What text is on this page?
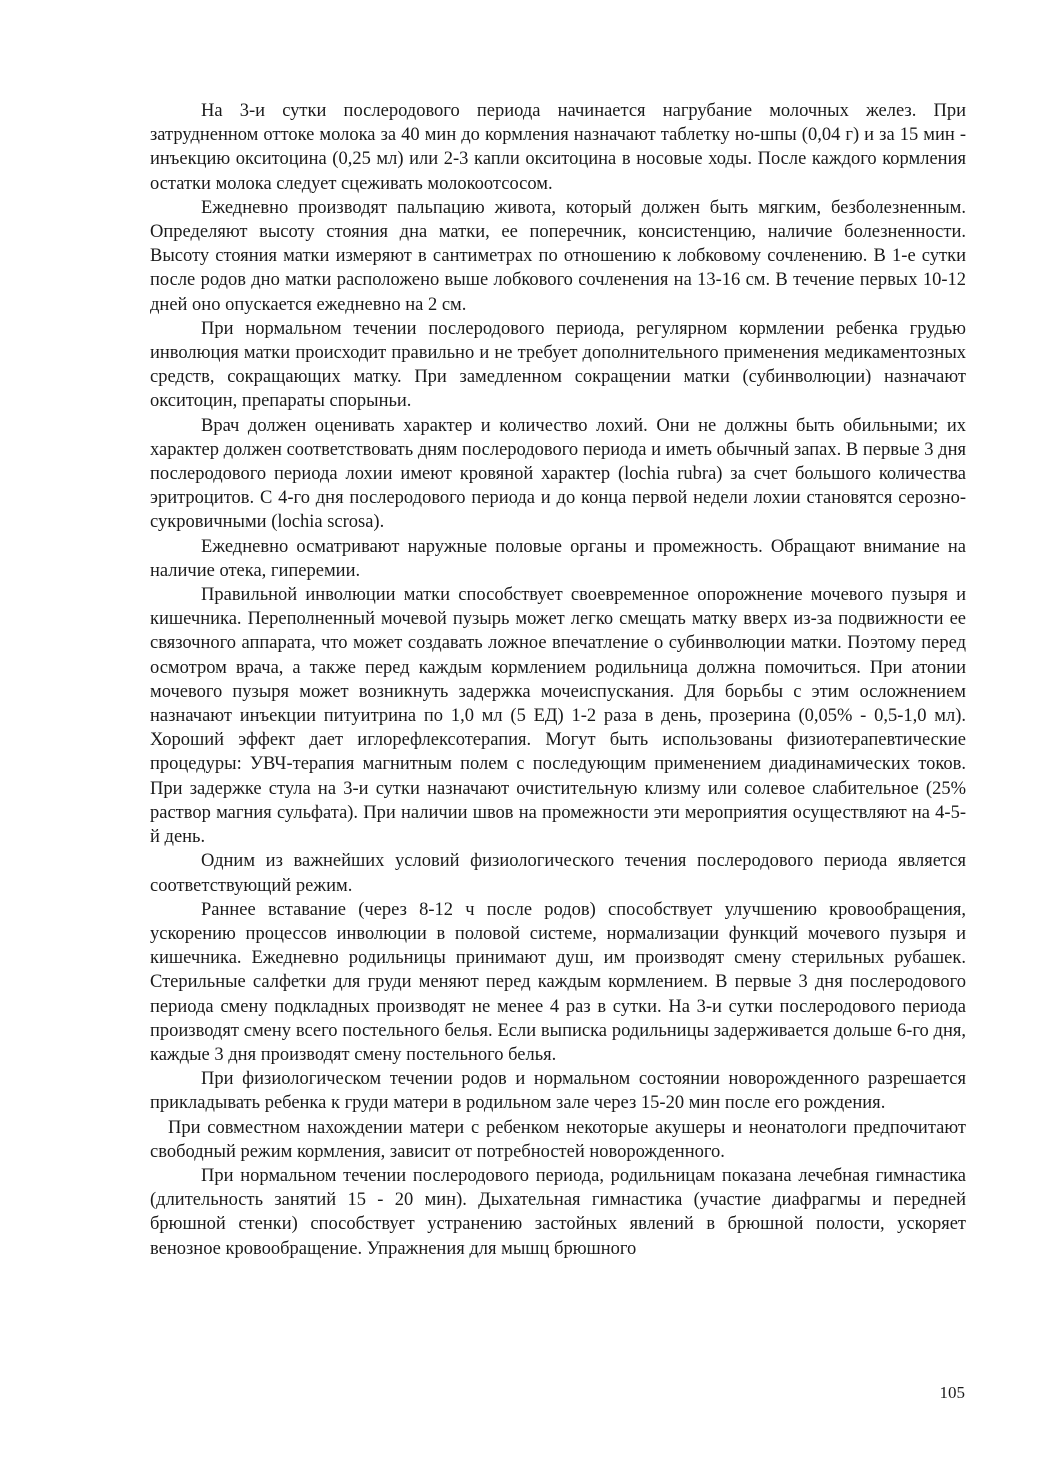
На 3-и сутки послеродового периода начинается нагрубание молочных желез. При затрудненном оттоке молока за 40 мин до кормления назначают таблетку но-шпы (0,04 г) и за 15 мин - инъекцию окситоцина (0,25 мл) или 2-3 капли окситоцина в носовые ходы. После каждого кормления остатки молока следует сцеживать молокоотсосом.

Ежедневно производят пальпацию живота, который должен быть мягким, безболезненным. Определяют высоту стояния дна матки, ее поперечник, консистенцию, наличие болезненности. Высоту стояния матки измеряют в сантиметрах по отношению к лобковому сочленению. В 1-е сутки после родов дно матки расположено выше лобкового сочленения на 13-16 см. В течение первых 10-12 дней оно опускается ежедневно на 2 см.

При нормальном течении послеродового периода, регулярном кормлении ребенка грудью инволюция матки происходит правильно и не требует дополнительного применения медикаментозных средств, сокращающих матку. При замедленном сокращении матки (субинволюции) назначают окситоцин, препараты спорыньи.

Врач должен оценивать характер и количество лохий. Они не должны быть обильными; их характер должен соответствовать дням послеродового периода и иметь обычный запах. В первые 3 дня послеродового периода лохии имеют кровяной характер (lochia rubra) за счет большого количества эритроцитов. С 4-го дня послеродового периода и до конца первой недели лохии становятся серозно-сукровичными (lochia scrosa).

Ежедневно осматривают наружные половые органы и промежность. Обращают внимание на наличие отека, гиперемии.

Правильной инволюции матки способствует своевременное опорожнение мочевого пузыря и кишечника. Переполненный мочевой пузырь может легко смещать матку вверх из-за подвижности ее связочного аппарата, что может создавать ложное впечатление о субинволюции матки. Поэтому перед осмотром врача, а также перед каждым кормлением родильница должна помочиться. При атонии мочевого пузыря может возникнуть задержка мочеиспускания. Для борьбы с этим осложнением назначают инъекции питуитрина по 1,0 мл (5 ЕД) 1-2 раза в день, прозерина (0,05% - 0,5-1,0 мл). Хороший эффект дает иглорефлексотерапия. Могут быть использованы физиотерапевтические процедуры: УВЧ-терапия магнитным полем с последующим применением диадинамических токов. При задержке стула на 3-и сутки назначают очистительную клизму или солевое слабительное (25% раствор магния сульфата). При наличии швов на промежности эти мероприятия осуществляют на 4-5-й день.

Одним из важнейших условий физиологического течения послеродового периода является соответствующий режим.

Раннее вставание (через 8-12 ч после родов) способствует улучшению кровообращения, ускорению процессов инволюции в половой системе, нормализации функций мочевого пузыря и кишечника. Ежедневно родильницы принимают душ, им производят смену стерильных рубашек. Стерильные салфетки для груди меняют перед каждым кормлением. В первые 3 дня послеродового периода смену подкладных производят не менее 4 раз в сутки. На 3-и сутки послеродового периода производят смену всего постельного белья. Если выписка родильницы задерживается дольше 6-го дня, каждые 3 дня производят смену постельного белья.

При физиологическом течении родов и нормальном состоянии новорожденного разрешается прикладывать ребенка к груди матери в родильном зале через 15-20 мин после его рождения.

При совместном нахождении матери с ребенком некоторые акушеры и неонатологи предпочитают свободный режим кормления, зависит от потребностей новорожденного.

При нормальном течении послеродового периода, родильницам показана лечебная гимнастика (длительность занятий 15 - 20 мин). Дыхательная гимнастика (участие диафрагмы и передней брюшной стенки) способствует устранению застойных явлений в брюшной полости, ускоряет венозное кровообращение. Упражнения для мышц брюшного

105
